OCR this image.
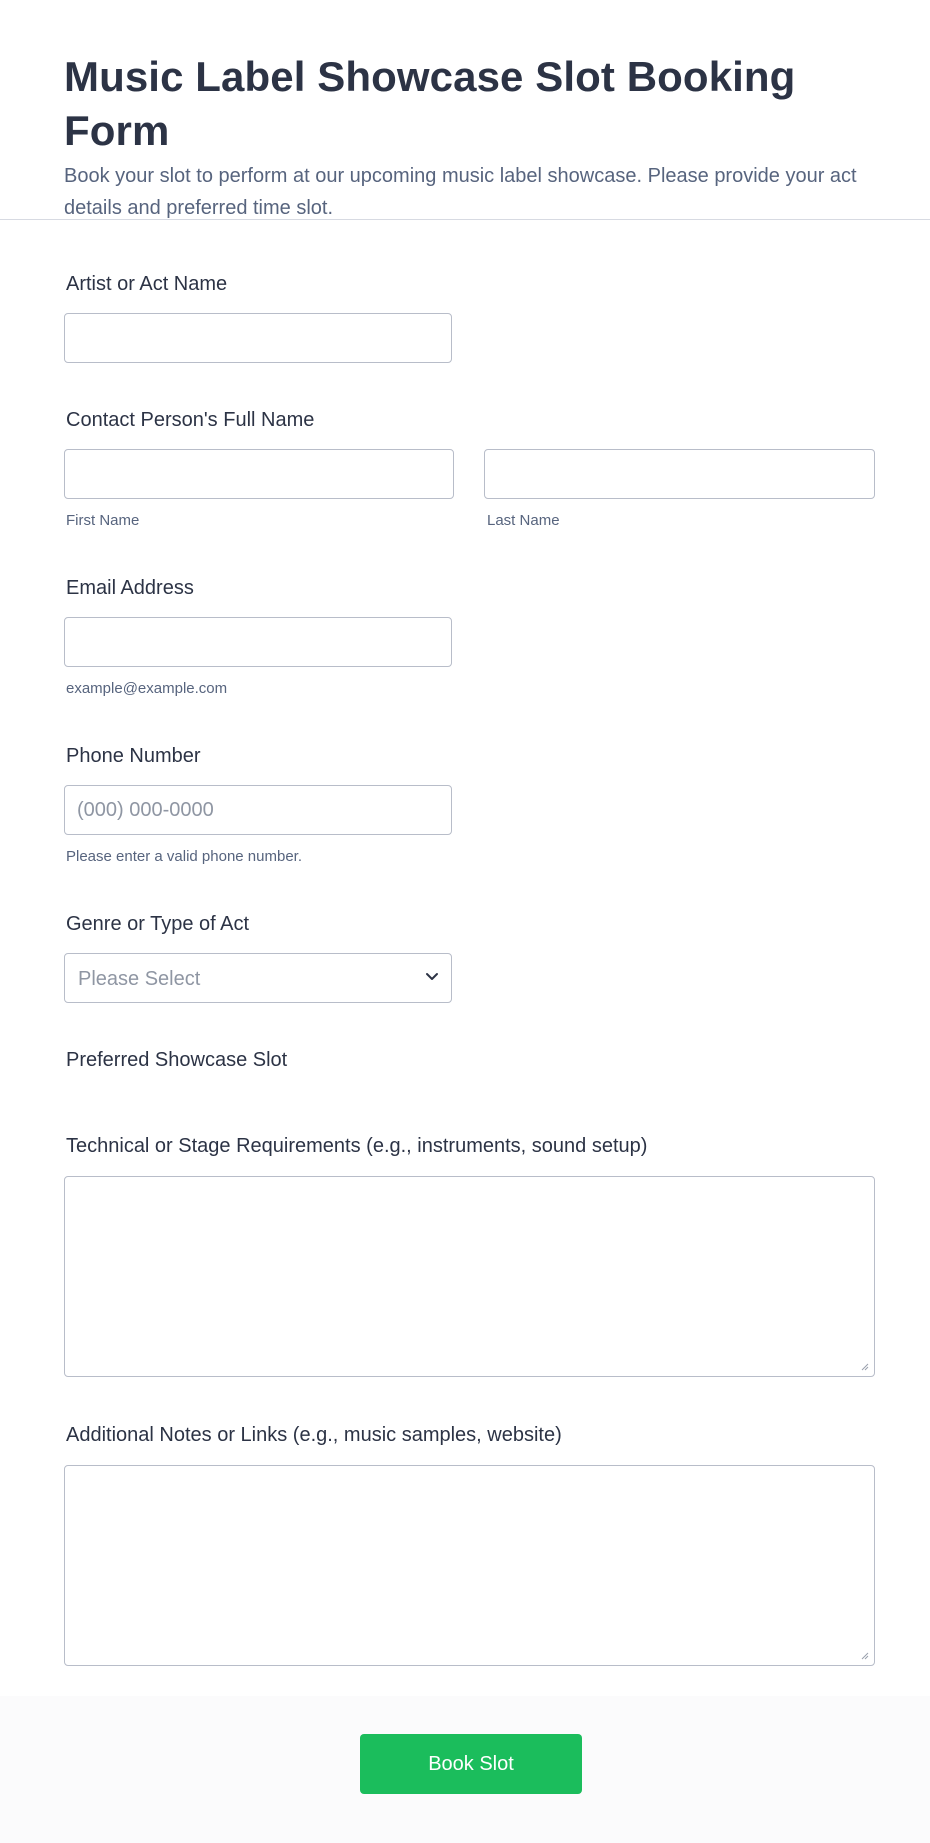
Music Label Showcase Slot Booking Form
Book your slot to perform at our upcoming music label showcase. Please provide your act details and preferred time slot.
Artist or Act Name
Contact Person's Full Name
First Name	Last Name
Email Address
example@example.com
Phone Number
(000) 000-0000
Please enter a valid phone number.
Genre or Type of Act
Please Select
Preferred Showcase Slot
Technical or Stage Requirements (e.g., instruments, sound setup)
Additional Notes or Links (e.g., music samples, website)
Book Slot
